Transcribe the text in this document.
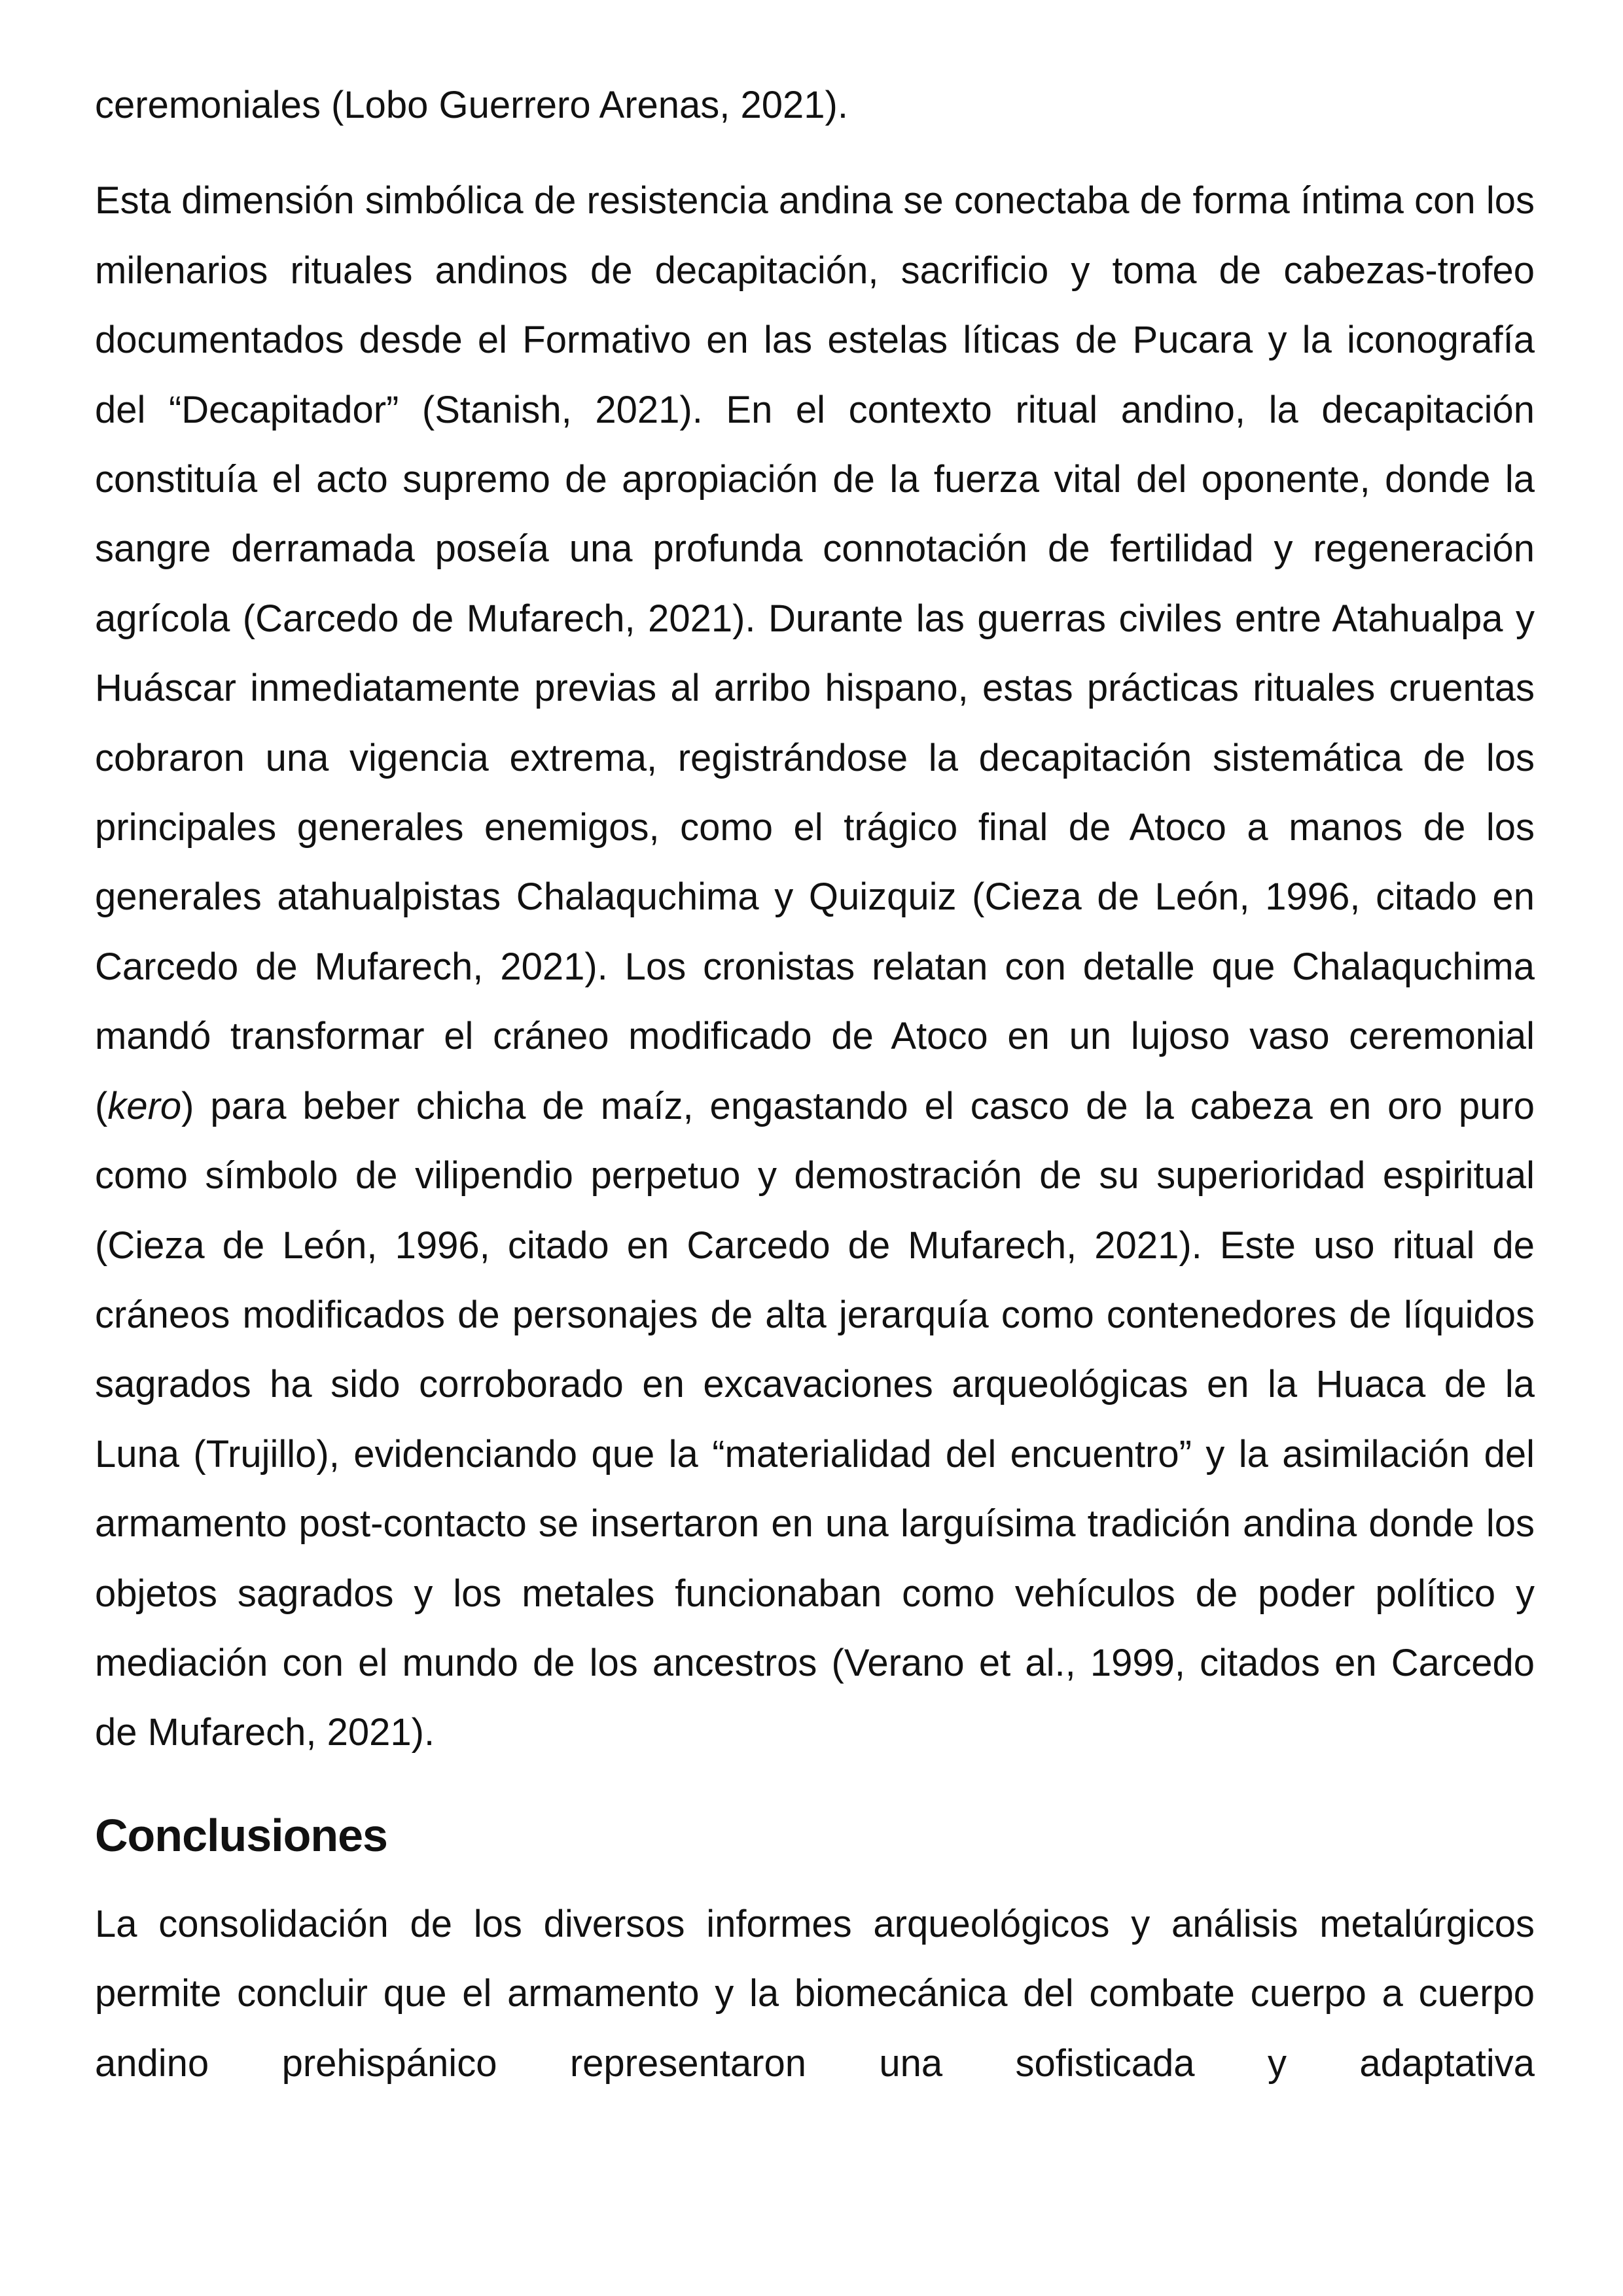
ceremoniales (Lobo Guerrero Arenas, 2021).

Esta dimensión simbólica de resistencia andina se conectaba de forma íntima con los milenarios rituales andinos de decapitación, sacrificio y toma de cabezas-trofeo documentados desde el Formativo en las estelas líticas de Pucara y la iconografía del “Decapitador” (Stanish, 2021). En el contexto ritual andino, la decapitación constituía el acto supremo de apropiación de la fuerza vital del oponente, donde la sangre derramada poseía una profunda connotación de fertilidad y regeneración agrícola (Carcedo de Mufarech, 2021). Durante las guerras civiles entre Atahualpa y Huáscar inmediatamente previas al arribo hispano, estas prácticas rituales cruentas cobraron una vigencia extrema, registrándose la decapitación sistemática de los principales generales enemigos, como el trágico final de Atoco a manos de los generales atahualpistas Chalaquchima y Quizquiz (Cieza de León, 1996, citado en Carcedo de Mufarech, 2021). Los cronistas relatan con detalle que Chalaquchima mandó transformar el cráneo modificado de Atoco en un lujoso vaso ceremonial (kero) para beber chicha de maíz, engastando el casco de la cabeza en oro puro como símbolo de vilipendio perpetuo y demostración de su superioridad espiritual (Cieza de León, 1996, citado en Carcedo de Mufarech, 2021). Este uso ritual de cráneos modificados de personajes de alta jerarquía como contenedores de líquidos sagrados ha sido corroborado en excavaciones arqueológicas en la Huaca de la Luna (Trujillo), evidenciando que la “materialidad del encuentro” y la asimilación del armamento post-contacto se insertaron en una larguísima tradición andina donde los objetos sagrados y los metales funcionaban como vehículos de poder político y mediación con el mundo de los ancestros (Verano et al., 1999, citados en Carcedo de Mufarech, 2021).

Conclusiones

La consolidación de los diversos informes arqueológicos y análisis metalúrgicos permite concluir que el armamento y la biomecánica del combate cuerpo a cuerpo andino prehispánico representaron una sofisticada y adaptativa
